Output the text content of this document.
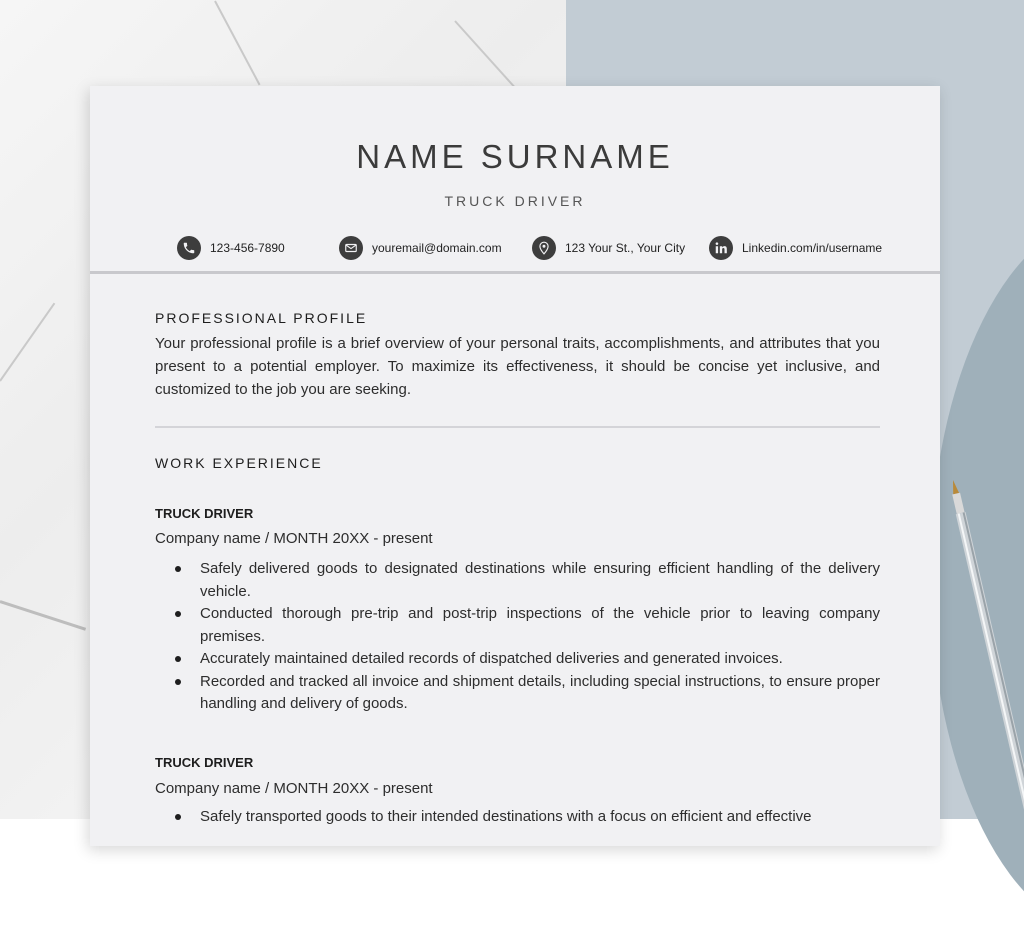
NAME SURNAME
TRUCK DRIVER
123-456-7890	youremail@domain.com	123 Your St., Your City	Linkedin.com/in/username
PROFESSIONAL PROFILE

Your professional profile is a brief overview of your personal traits, accomplishments, and attributes that you present to a potential employer. To maximize its effectiveness, it should be concise yet inclusive, and customized to the job you are seeking.

WORK EXPERIENCE
TRUCK DRIVER
Company name / MONTH 20XX - present
Safely delivered goods to designated destinations while ensuring efficient handling of the delivery vehicle.
Conducted thorough pre-trip and post-trip inspections of the vehicle prior to leaving company premises.
Accurately maintained detailed records of dispatched deliveries and generated invoices.
Recorded and tracked all invoice and shipment details, including special instructions, to ensure proper handling and delivery of goods.
TRUCK DRIVER
Company name / MONTH 20XX - present
Safely transported goods to their intended destinations with a focus on efficient and effective
